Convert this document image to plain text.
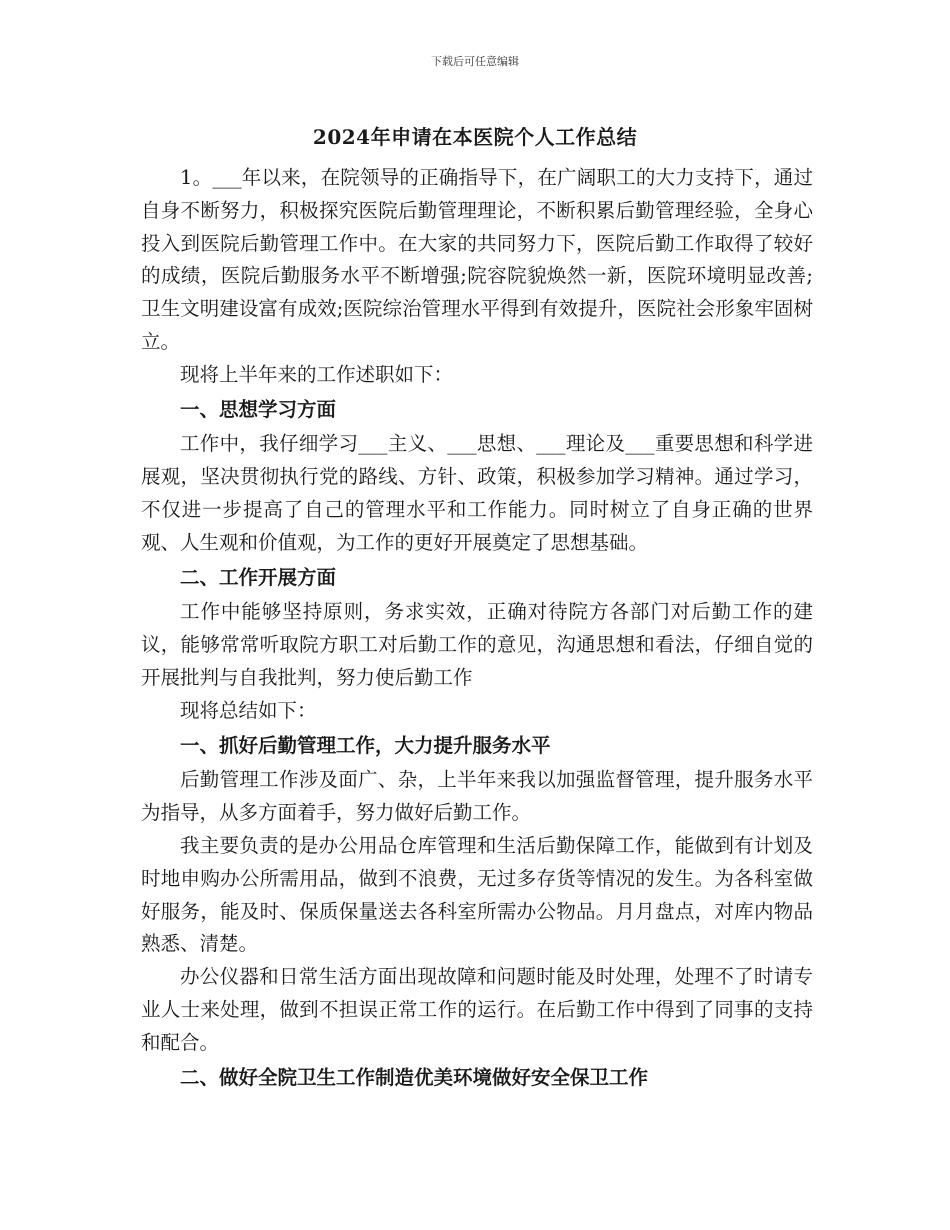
下载后可任意编辑
2024年申请在本医院个人工作总结

1。___年以来，在院领导的正确指导下，在广阔职工的大力支持下，通过自身不断努力，积极探究医院后勤管理理论，不断积累后勤管理经验，全身心投入到医院后勤管理工作中。在大家的共同努力下，医院后勤工作取得了较好的成绩，医院后勤服务水平不断增强;院容院貌焕然一新，医院环境明显改善;卫生文明建设富有成效;医院综治管理水平得到有效提升，医院社会形象牢固树立。

现将上半年来的工作述职如下：

一、思想学习方面

工作中，我仔细学习___主义、___思想、___理论及___重要思想和科学进展观，坚决贯彻执行党的路线、方针、政策，积极参加学习精神。通过学习，不仅进一步提高了自己的管理水平和工作能力。同时树立了自身正确的世界观、人生观和价值观，为工作的更好开展奠定了思想基础。

二、工作开展方面

工作中能够坚持原则，务求实效，正确对待院方各部门对后勤工作的建议，能够常常听取院方职工对后勤工作的意见，沟通思想和看法，仔细自觉的开展批判与自我批判，努力使后勤工作

现将总结如下：

一、抓好后勤管理工作，大力提升服务水平

后勤管理工作涉及面广、杂，上半年来我以加强监督管理，提升服务水平为指导，从多方面着手，努力做好后勤工作。

我主要负责的是办公用品仓库管理和生活后勤保障工作，能做到有计划及时地申购办公所需用品，做到不浪费，无过多存货等情况的发生。为各科室做好服务，能及时、保质保量送去各科室所需办公物品。月月盘点，对库内物品熟悉、清楚。

办公仪器和日常生活方面出现故障和问题时能及时处理，处理不了时请专业人士来处理，做到不担误正常工作的运行。在后勤工作中得到了同事的支持和配合。

二、做好全院卫生工作制造优美环境做好安全保卫工作
